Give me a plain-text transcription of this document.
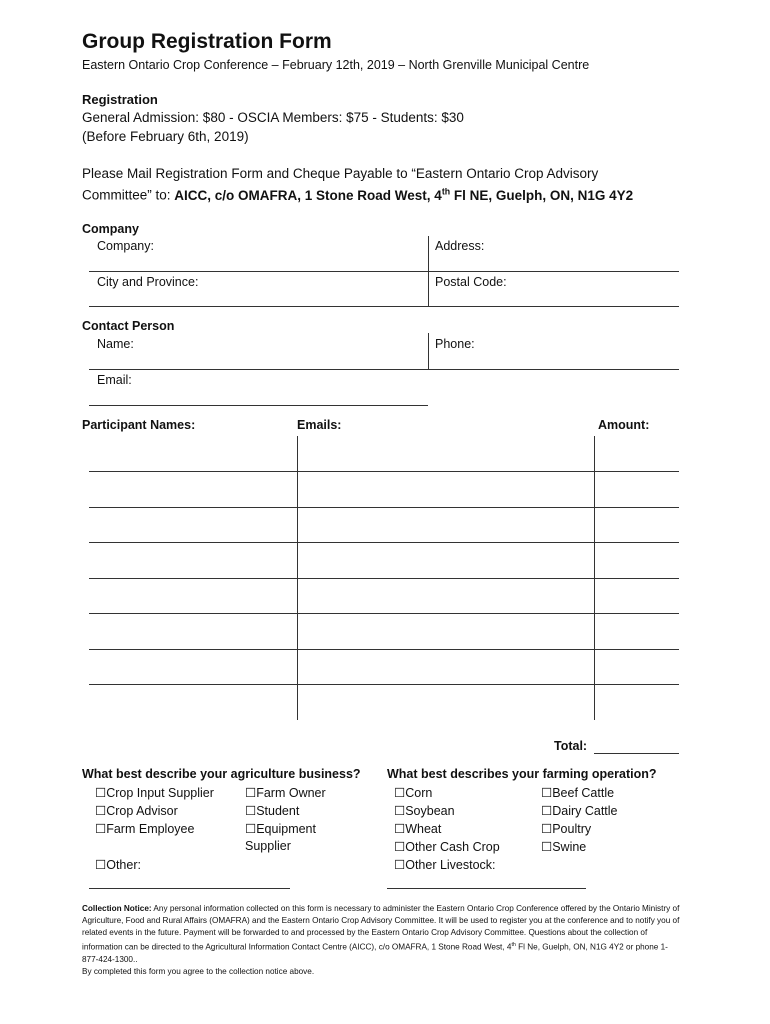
Group Registration Form
Eastern Ontario Crop Conference – February 12th, 2019 – North Grenville Municipal Centre
Registration
General Admission: $80 - OSCIA Members: $75 - Students: $30
(Before February 6th, 2019)
Please Mail Registration Form and Cheque Payable to “Eastern Ontario Crop Advisory
Committee” to: AICC, c/o OMAFRA, 1 Stone Road West, 4th Fl NE, Guelph, ON, N1G 4Y2
Company
Company:	Address:
City and Province:	Postal Code:
Contact Person
Name:	Phone:
Email:
Participant Names:	Emails:	Amount:
Total:
What best describe your agriculture business?
☐Crop Input Supplier
☐Crop Advisor
☐Farm Employee
☐Farm Owner
☐Student
☐Equipment
Supplier
☐Other:
What best describes your farming operation?
☐Corn
☐Soybean
☐Wheat
☐Other Cash Crop
☐Other Livestock:
☐Beef Cattle
☐Dairy Cattle
☐Poultry
☐Swine
Collection Notice: Any personal information collected on this form is necessary to administer the Eastern Ontario Crop Conference offered by the Ontario Ministry of Agriculture, Food and Rural Affairs (OMAFRA) and the Eastern Ontario Crop Advisory Committee. It will be used to register you at the conference and to notify you of related events in the future. Payment will be forwarded to and processed by the Eastern Ontario Crop Advisory Committee. Questions about the collection of information can be directed to the Agricultural Information Contact Centre (AICC), c/o OMAFRA, 1 Stone Road West, 4th Fl Ne, Guelph, ON, N1G 4Y2 or phone 1-877-424-1300..
By completed this form you agree to the collection notice above.
